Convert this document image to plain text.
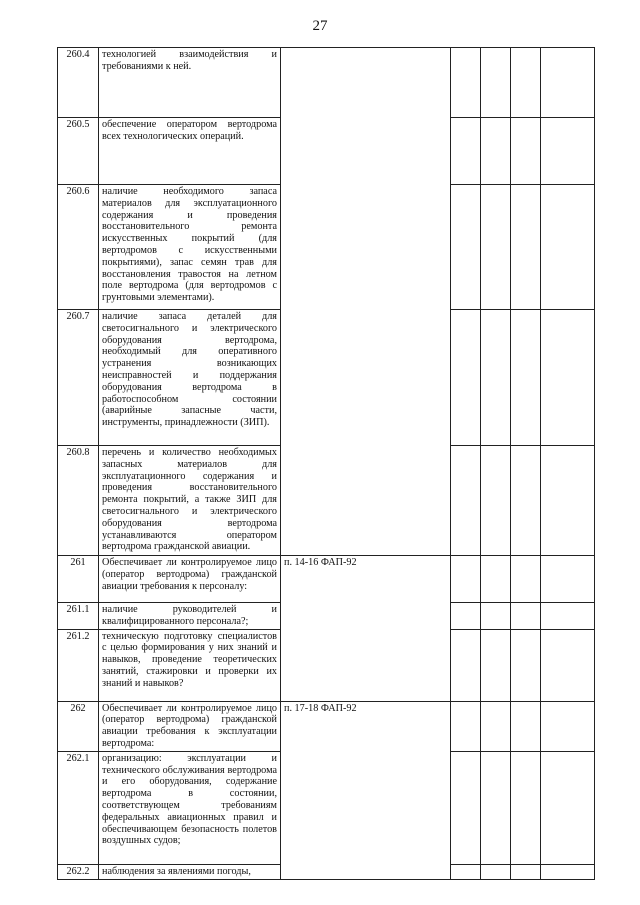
27
260.4	технологией взаимодействия и требованиями к ней.					
260.5	обеспечение оператором вертодрома всех технологических операций.					
260.6	наличие необходимого запаса материалов для эксплуатационного содержания и проведения восстановительного ремонта искусственных покрытий (для вертодромов с искусственными покрытиями), запас семян трав для восстановления травостоя на летном поле вертодрома (для вертодромов с грунтовыми элементами).					
260.7	наличие запаса деталей для светосигнального и электрического оборудования вертодрома, необходимый для оперативного устранения возникающих неисправностей и поддержания оборудования вертодрома в работоспособном состоянии (аварийные запасные части, инструменты, принадлежности (ЗИП).					
260.8	перечень и количество необходимых запасных материалов для эксплуатационного содержания и проведения восстановительного ремонта покрытий, а также ЗИП для светосигнального и электрического оборудования вертодрома устанавливаются оператором вертодрома гражданской авиации.					
261	Обеспечивает ли контролируемое лицо (оператор вертодрома) гражданской авиации требования к персоналу:	п. 14-16 ФАП-92				

261.1	наличие руководителей и квалифицированного персонала?;					
261.2	техническую подготовку специалистов с целью формирования у них знаний и навыков, проведение теоретических занятий, стажировки и проверки их знаний и навыков?					
262	Обеспечивает ли контролируемое лицо (оператор вертодрома) гражданской авиации требования к эксплуатации вертодрома:	п. 17-18 ФАП-92				

262.1	организацию: эксплуатации и технического обслуживания вертодрома и его оборудования, содержание вертодрома в состоянии, соответствующем требованиям федеральных авиационных правил и обеспечивающем безопасность полетов воздушных судов;					
262.2	наблюдения за явлениями погоды,					
